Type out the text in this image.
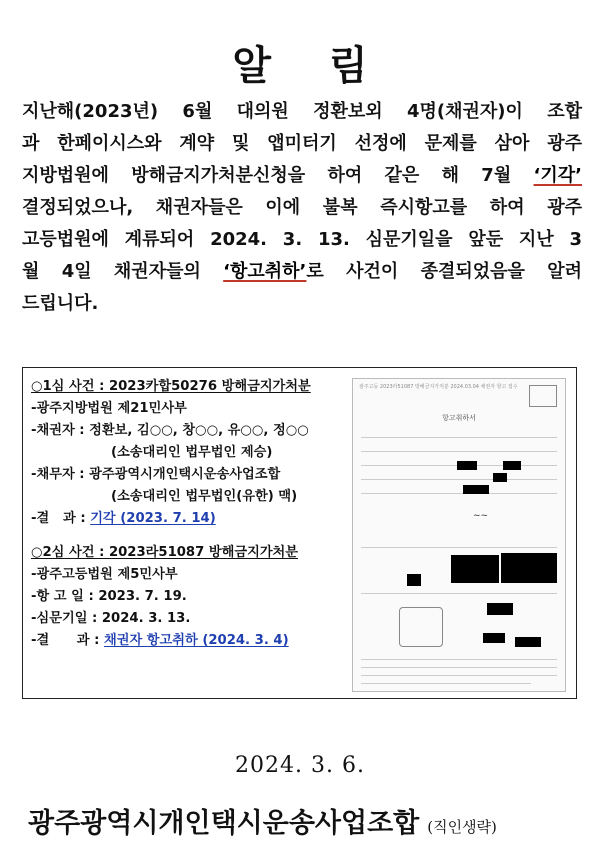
알 림
지난해(2023년) 6월 대의원 정환보외 4명(채권자)이 조합
과 한페이시스와 계약 및 앱미터기 선정에 문제를 삼아 광주
지방법원에 방해금지가처분신청을 하여 같은 해 7월 ‘기각’
결정되었으나, 채권자들은 이에 불복 즉시항고를 하여 광주
고등법원에 계류되어 2024. 3. 13. 심문기일을 앞둔 지난 3
월 4일 채권자들의 ‘항고취하’로 사건이 종결되었음을 알려
드립니다.
○1심 사건 : 2023카합50276 방해금지가처분
-광주지방법원 제21민사부
-채권자 : 정환보, 김○○, 창○○, 유○○, 정○○
(소송대리인 법무법인 제승)
-채무자 : 광주광역시개인택시운송사업조합
(소송대리인 법무법인(유한) 맥)
-결   과 : 기각 (2023. 7. 14)
○2심 사건 : 2023라51087 방해금지가처분
-광주고등법원 제5민사부
-항 고 일 : 2023. 7. 19.
-심문기일 : 2024. 3. 13.
-결      과 : 채권자 항고취하 (2024. 3. 4)
광주고등 2023라51087 방해금지가처분 2024.03.04 채권자 항고 접수
항고취하서
~~
2024. 3. 6.
광주광역시개인택시운송사업조합 (직인생략)
